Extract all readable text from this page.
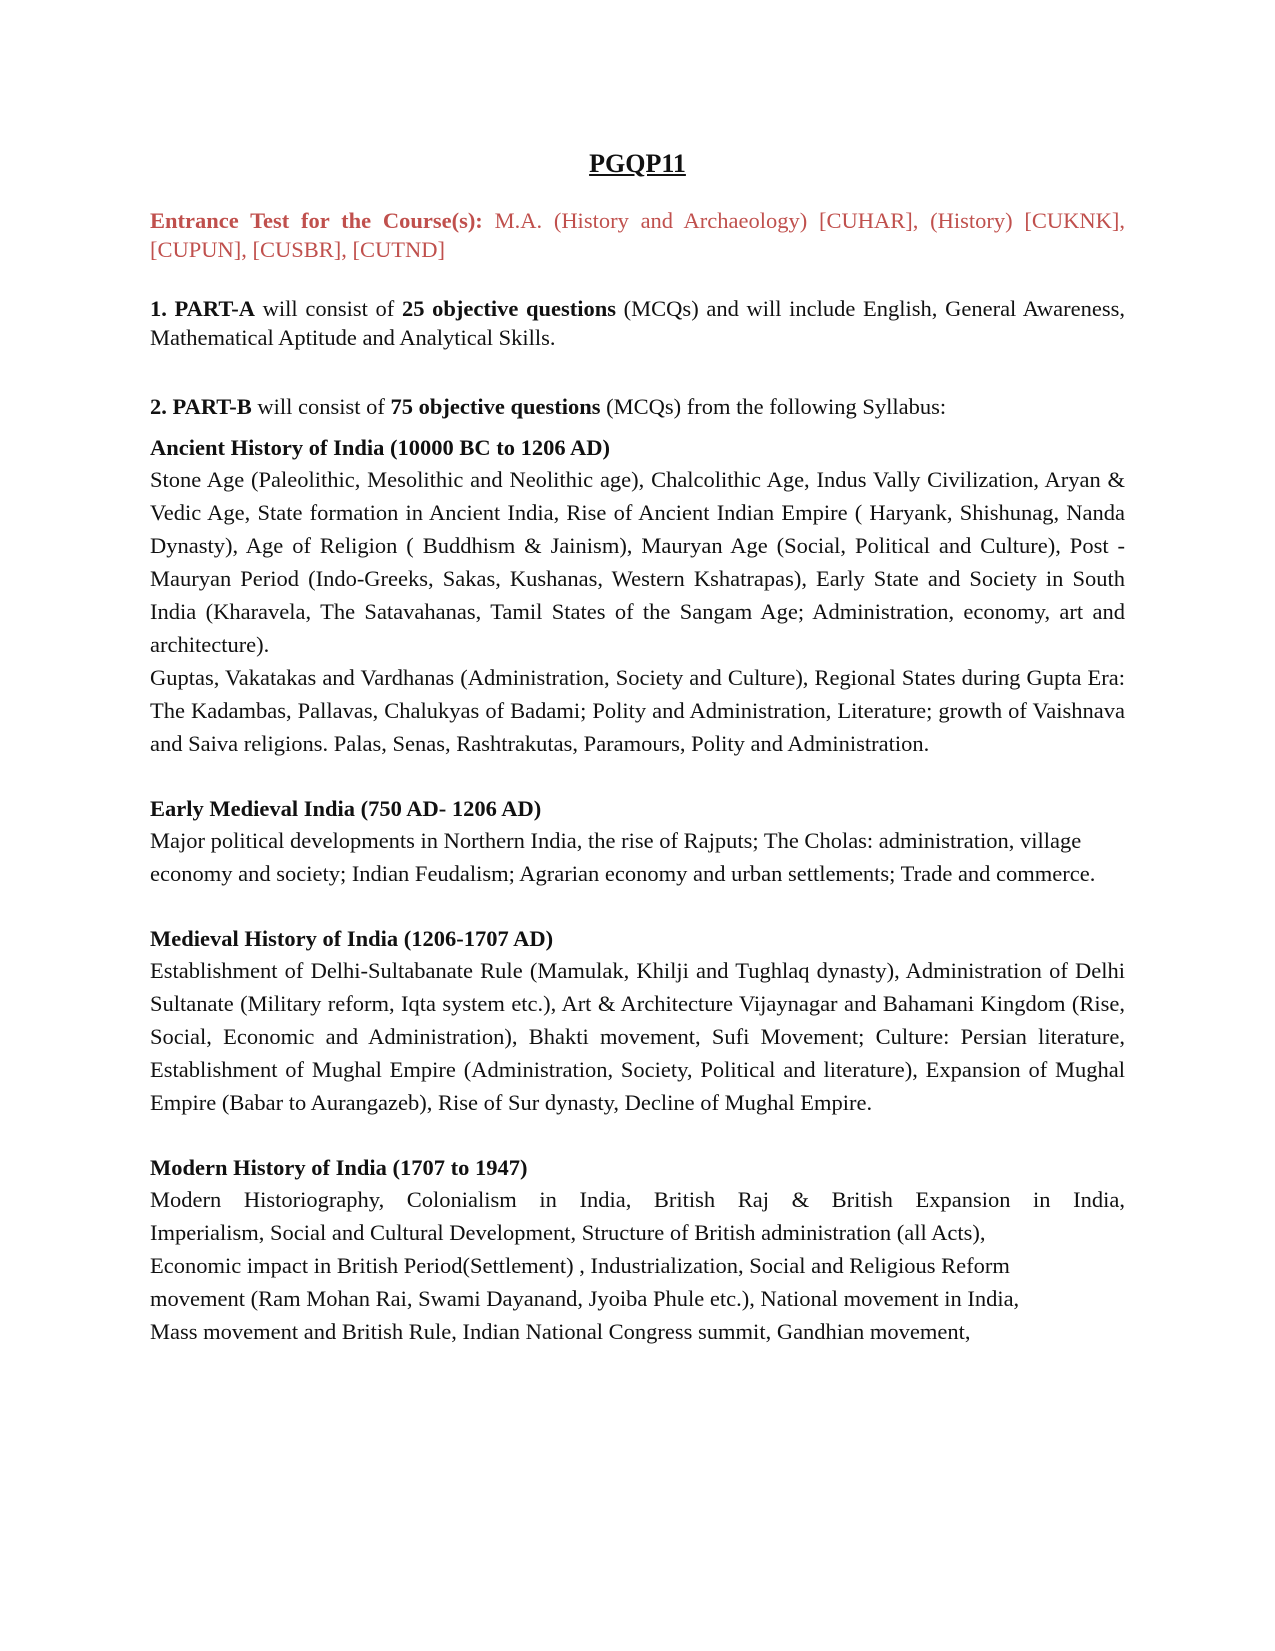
PGQP11

Entrance Test for the Course(s): M.A. (History and Archaeology) [CUHAR], (History) [CUKNK], [CUPUN], [CUSBR], [CUTND]

1. PART-A will consist of 25 objective questions (MCQs) and will include English, General Awareness, Mathematical Aptitude and Analytical Skills.

2. PART-B will consist of 75 objective questions (MCQs) from the following Syllabus:

Ancient History of India (10000 BC to 1206 AD)

Stone Age (Paleolithic, Mesolithic and Neolithic age), Chalcolithic Age, Indus Vally Civilization, Aryan & Vedic Age, State formation in Ancient India, Rise of Ancient Indian Empire ( Haryank, Shishunag, Nanda Dynasty), Age of Religion ( Buddhism & Jainism), Mauryan Age (Social, Political and Culture), Post - Mauryan Period (Indo-Greeks, Sakas, Kushanas, Western Kshatrapas), Early State and Society in South India (Kharavela, The Satavahanas, Tamil States of the Sangam Age; Administration, economy, art and architecture).

Guptas, Vakatakas and Vardhanas (Administration, Society and Culture), Regional States during Gupta Era: The Kadambas, Pallavas, Chalukyas of Badami; Polity and Administration, Literature; growth of Vaishnava and Saiva religions. Palas, Senas, Rashtrakutas, Paramours, Polity and Administration.

Early Medieval India (750 AD- 1206 AD)

Major political developments in Northern India, the rise of Rajputs; The Cholas: administration, village economy and society; Indian Feudalism; Agrarian economy and urban settlements; Trade and commerce.

Medieval History of India (1206-1707 AD)

Establishment of Delhi-Sultabanate Rule (Mamulak, Khilji and Tughlaq dynasty), Administration of Delhi Sultanate (Military reform, Iqta system etc.), Art & Architecture Vijaynagar and Bahamani Kingdom (Rise, Social, Economic and Administration), Bhakti movement, Sufi Movement; Culture: Persian literature, Establishment of Mughal Empire (Administration, Society, Political and literature), Expansion of Mughal Empire (Babar to Aurangazeb), Rise of Sur dynasty, Decline of Mughal Empire.

Modern History of India (1707 to 1947)

Modern Historiography, Colonialism in India, British Raj & British Expansion in India,

Imperialism, Social and Cultural Development, Structure of British administration (all Acts),

Economic impact in British Period(Settlement) , Industrialization, Social and Religious Reform

movement (Ram Mohan Rai, Swami Dayanand, Jyoiba Phule etc.), National movement in India,

Mass movement and British Rule, Indian National Congress summit, Gandhian movement,
